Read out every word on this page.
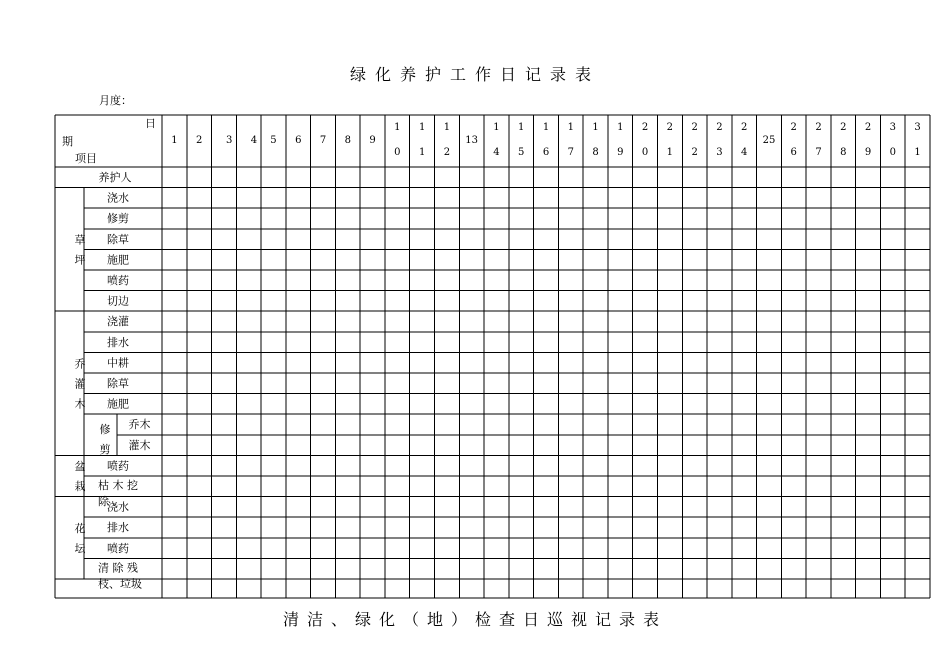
绿化养护工作日记录表
月度：
1 2 3 4 5 6 7 8 9
1
0
1
1
1
2
13
1
4
1
5
1
6
1
7
1
8
1
9
2
0
2
1
2
2
2
3
2
4
25
2
6
2
7
2
8
2
9
3
0
3
1
日
期
项目
养护人
浇水
修剪
除草
施肥
喷药
切边
草
坪
浇灌
排水
中耕
除草
施肥
乔木
灌木
修
剪
乔
灌
木
喷药
枯 木 挖
除
盆
栽
浇水
排水
喷药
清 除 残
枝、垃圾
花
坛
清洁、绿化（地）检查日巡视记录表
